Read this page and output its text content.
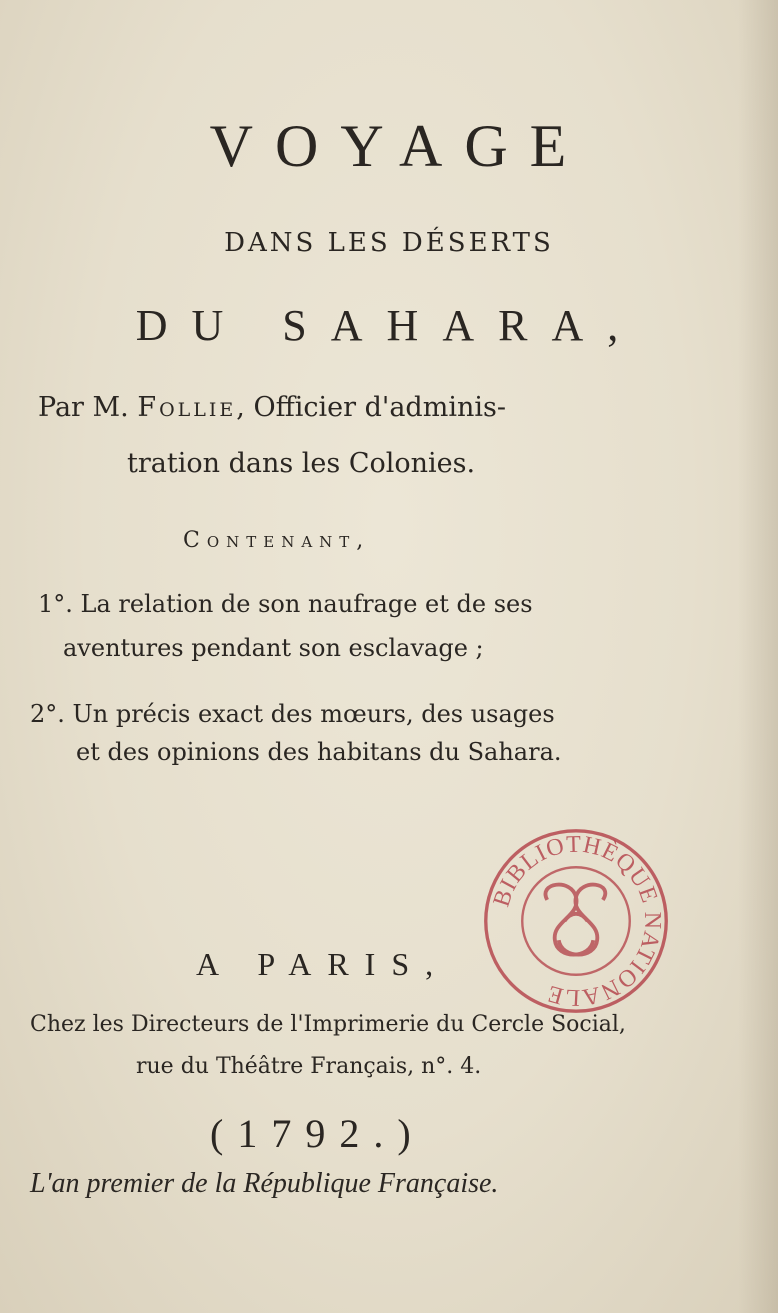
VOYAGE
DANS LES DÉSERTS
DU SAHARA,
Par M. Follie, Officier d'adminis-
tration dans les Colonies.
Contenant,
1°. La relation de son naufrage et de ses
aventures pendant son esclavage ;
2°. Un précis exact des mœurs, des usages
et des opinions des habitans du Sahara.
BIBLIOTHÈQUE NATIONALE
A PARIS,
Chez les Directeurs de l'Imprimerie du Cercle Social,
rue du Théâtre Français, n°. 4.
(1792.)
L'an premier de la République Française.
